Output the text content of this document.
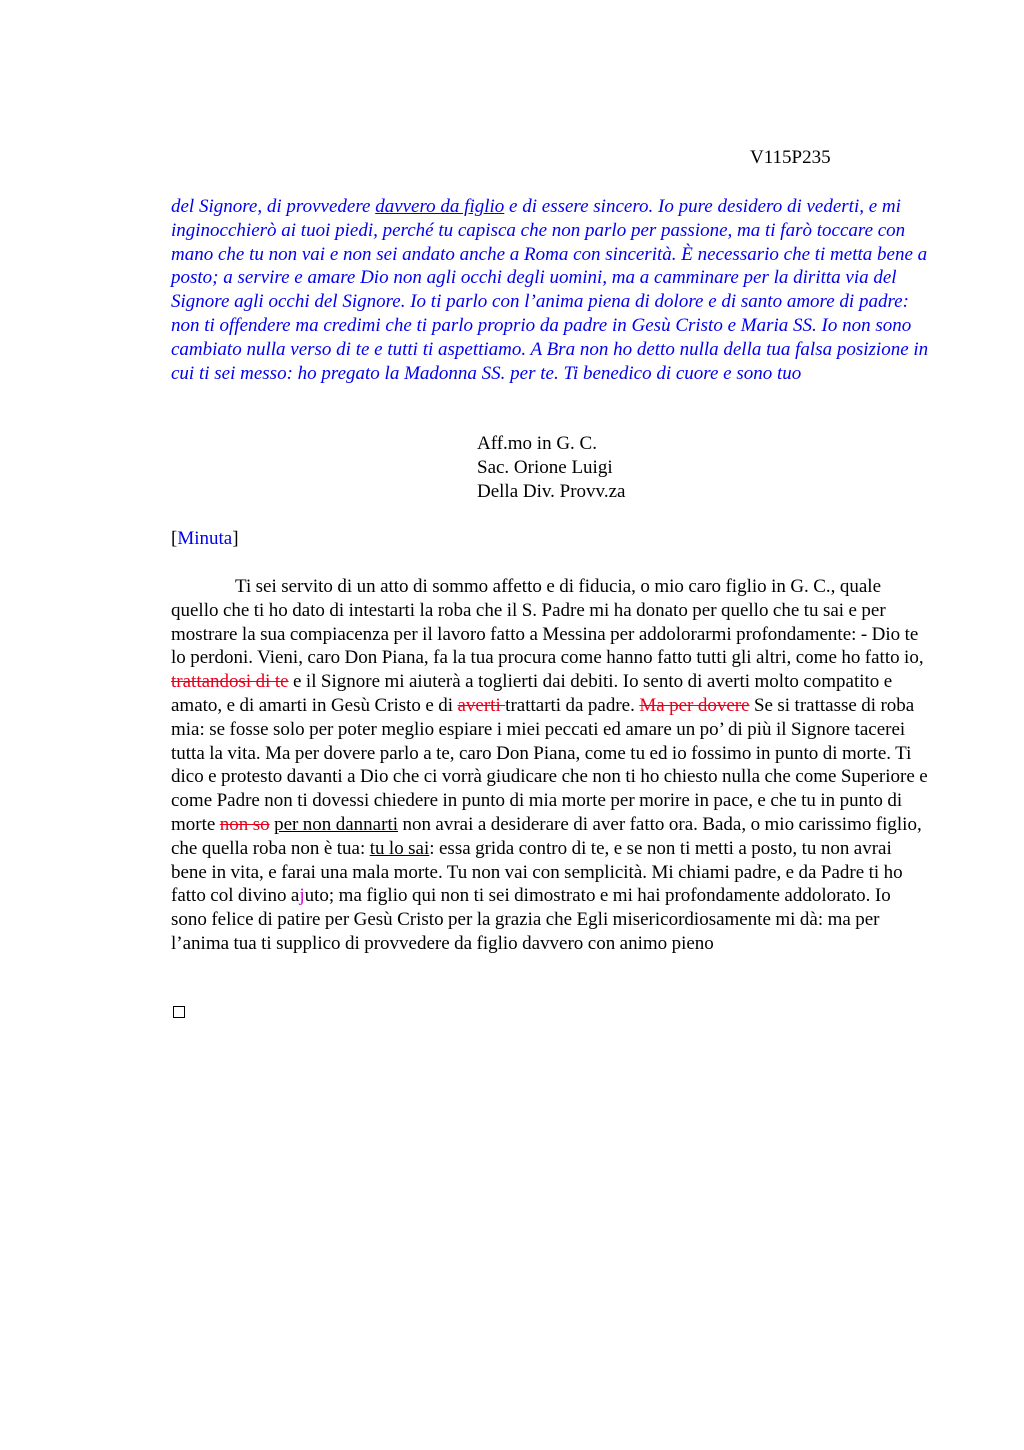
V115P235
del Signore, di provvedere davvero da figlio e di essere sincero. Io pure desidero di vederti, e mi inginocchierò ai tuoi piedi, perché tu capisca che non parlo per passione, ma ti farò toccare con mano che tu non vai e non sei andato anche a Roma con sincerità. È necessario che ti metta bene a posto; a servire e amare Dio non agli occhi degli uomini, ma a camminare per la diritta via del Signore agli occhi del Signore. Io ti parlo con l’anima piena di dolore e di santo amore di padre: non ti offendere ma credimi che ti parlo proprio da padre in Gesù Cristo e Maria SS. Io non sono cambiato nulla verso di te e tutti ti aspettiamo. A Bra non ho detto nulla della tua falsa posizione in cui ti sei messo: ho pregato la Madonna SS. per te. Ti benedico di cuore e sono tuo
Aff.mo in G. C.
Sac. Orione Luigi
Della Div. Provv.za
[Minuta]
Ti sei servito di un atto di sommo affetto e di fiducia, o mio caro figlio in G. C., quale quello che ti ho dato di intestarti la roba che il S. Padre mi ha donato per quello che tu sai e per mostrare la sua compiacenza per il lavoro fatto a Messina per addolorarmi profondamente: - Dio te lo perdoni. Vieni, caro Don Piana, fa la tua procura come hanno fatto tutti gli altri, come ho fatto io, trattandosi di te e il Signore mi aiuterà a toglierti dai debiti. Io sento di averti molto compatito e amato, e di amarti in Gesù Cristo e di averti trattarti da padre. Ma per dovere Se si trattasse di roba mia: se fosse solo per poter meglio espiare i miei peccati ed amare un po’ di più il Signore tacerei tutta la vita. Ma per dovere parlo a te, caro Don Piana, come tu ed io fossimo in punto di morte. Ti dico e protesto davanti a Dio che ci vorrà giudicare che non ti ho chiesto nulla che come Superiore e come Padre non ti dovessi chiedere in punto di mia morte per morire in pace, e che tu in punto di morte non so per non dannarti non avrai a desiderare di aver fatto ora. Bada, o mio carissimo figlio, che quella roba non è tua: tu lo sai: essa grida contro di te, e se non ti metti a posto, tu non avrai bene in vita, e farai una mala morte. Tu non vai con semplicità. Mi chiami padre, e da Padre ti ho fatto col divino ajuto; ma figlio qui non ti sei dimostrato e mi hai profondamente addolorato. Io sono felice di patire per Gesù Cristo per la grazia che Egli misericordiosamente mi dà: ma per l’anima tua ti supplico di provvedere da figlio davvero con animo pieno
